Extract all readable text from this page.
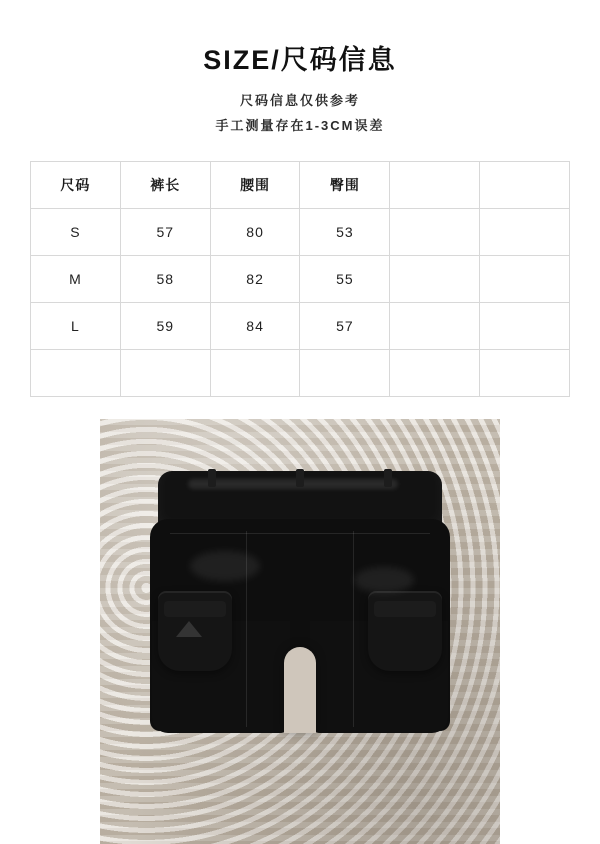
SIZE/尺码信息
尺码信息仅供参考
手工测量存在1-3CM误差
尺码	裤长	腰围	臀围		
S	57	80	53		
M	58	82	55		
L	59	84	57		
